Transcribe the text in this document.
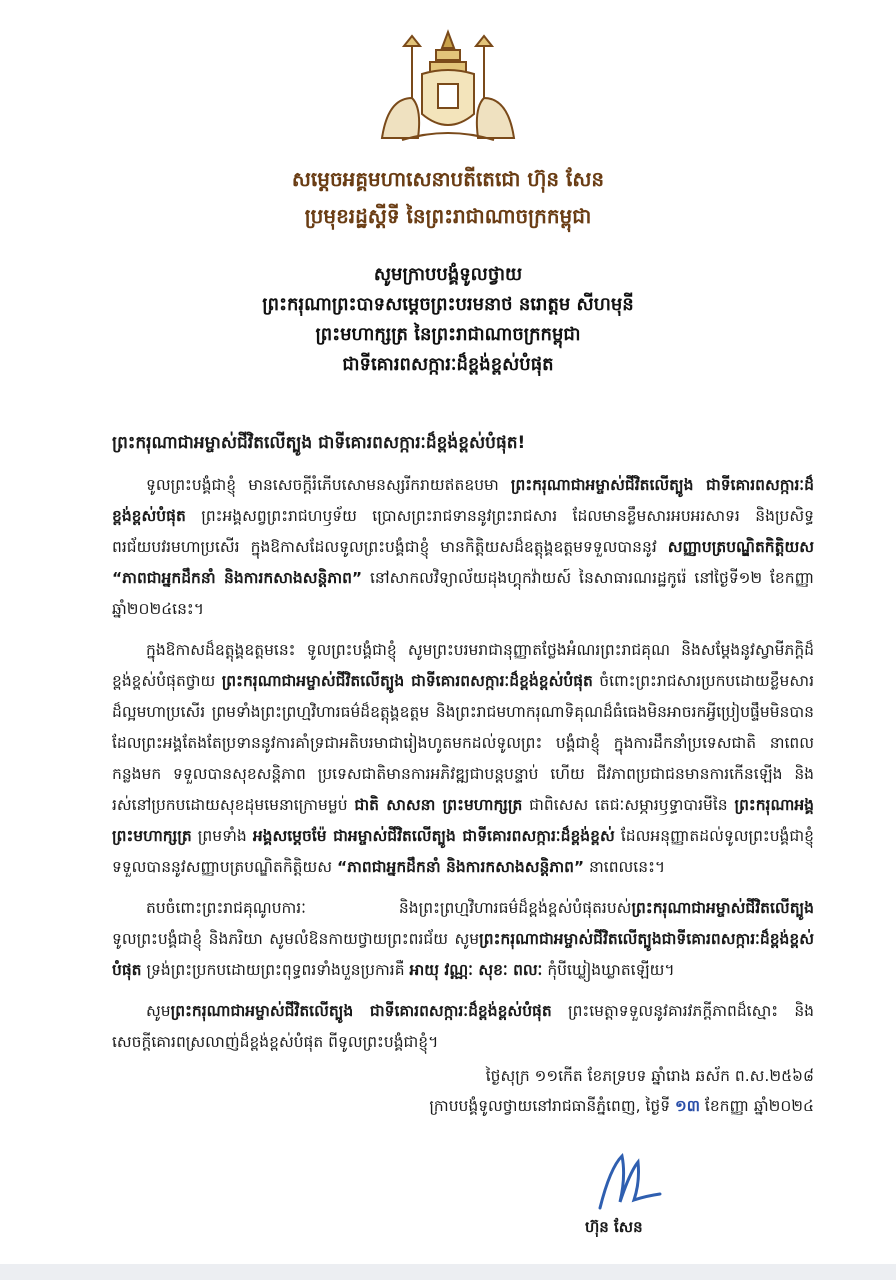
សម្តេចអគ្គមហាសេនាបតីតេជោ ហ៊ុន សែន
ប្រមុខរដ្ឋស្តីទី នៃព្រះរាជាណាចក្រកម្ពុជា
សូមក្រាបបង្គំទូលថ្វាយ
ព្រះករុណាព្រះបាទសម្តេចព្រះបរមនាថ នរោត្តម សីហមុនី
ព្រះមហាក្សត្រ នៃព្រះរាជាណាចក្រកម្ពុជា
ជាទីគោរពសក្ការៈដ៏ខ្ពង់ខ្ពស់បំផុត
ព្រះករុណាជាអម្ចាស់ជីវិតលើត្បូង ជាទីគោរពសក្ការៈដ៏ខ្ពង់ខ្ពស់បំផុត!

ទូលព្រះបង្គំជាខ្ញុំ មានសេចក្តីរំភើបសោមនស្សរីករាយឥតឧបមា ព្រះករុណាជាអម្ចាស់ជីវិតលើត្បូង ជាទីគោរពសក្ការៈដ៏ខ្ពង់ខ្ពស់បំផុត ព្រះអង្គសព្វព្រះរាជហឫទ័យ ប្រោសព្រះរាជទាននូវព្រះរាជសារ ដែលមានខ្លឹមសារអបអរសាទរ និងប្រសិទ្ធពរជ័យបវរមហាប្រសើរ ក្នុងឱកាសដែលទូលព្រះបង្គំជាខ្ញុំ មានកិត្តិយសដ៏ឧត្តុង្គឧត្តមទទួលបាននូវ សញ្ញាបត្របណ្ឌិតកិត្តិយស “ភាពជាអ្នកដឹកនាំ និងការកសាងសន្តិភាព” នៅសាកលវិទ្យាល័យដុងហ្គុកវ៉ាយស៍ នៃសាធារណរដ្ឋកូរ៉េ នៅថ្ងៃទី១២ ខែកញ្ញា ឆ្នាំ២០២៤នេះ។

ក្នុងឱកាសដ៏ឧត្តុង្គឧត្តមនេះ ទូលព្រះបង្គំជាខ្ញុំ សូមព្រះបរមរាជានុញ្ញាតថ្លែងអំណរព្រះរាជគុណ និងសម្តែងនូវស្វាមីភក្តិដ៏ខ្ពង់ខ្ពស់បំផុតថ្វាយ ព្រះករុណាជាអម្ចាស់ជីវិតលើត្បូង ជាទីគោរពសក្ការៈដ៏ខ្ពង់ខ្ពស់បំផុត ចំពោះព្រះរាជសារប្រកបដោយខ្លឹមសារដ៏ល្អមហាប្រសើរ ព្រមទាំងព្រះព្រហ្មវិហារធម៌ដ៏ឧត្តុង្គឧត្តម និងព្រះរាជមហាករុណាទិគុណដ៏ធំធេងមិនអាចរកអ្វីប្រៀបផ្ទឹមមិនបាន ដែលព្រះអង្គតែងតែប្រទាននូវការគាំទ្រជាអតិបរមាជារៀងហូតមកដល់ទូលព្រះ បង្គំជាខ្ញុំ ក្នុងការដឹកនាំប្រទេសជាតិ នាពេលកន្លងមក ទទួលបានសុខសន្តិភាព ប្រទេសជាតិមានការអភិវឌ្ឍជាបន្តបន្ទាប់ ហើយ ជីវភាពប្រជាជនមានការកើនឡើង និងរស់នៅប្រកបដោយសុខដុមមេនាក្រោមម្លប់ ជាតិ សាសនា ព្រះមហាក្សត្រ ជាពិសេស តេជៈសម្ភារឫទ្ធាបារមីនៃ ព្រះករុណាអង្គព្រះមហាក្សត្រ ព្រមទាំង អង្គសម្តេចម៉ែ ជាអម្ចាស់ជីវិតលើត្បូង ជាទីគោរពសក្ការៈដ៏ខ្ពង់ខ្ពស់ ដែលអនុញ្ញាតដល់ទូលព្រះបង្គំជាខ្ញុំ ទទួលបាននូវសញ្ញាបត្របណ្ឌិតកិត្តិយស “ភាពជាអ្នកដឹកនាំ និងការកសាងសន្តិភាព” នាពេលនេះ។

តបចំពោះព្រះរាជគុណូបការៈ និងព្រះព្រហ្មវិហារធម៌ដ៏ខ្ពង់ខ្ពស់បំផុតរបស់ព្រះករុណាជាអម្ចាស់ជីវិតលើត្បូង ទូលព្រះបង្គំជាខ្ញុំ និងភរិយា សូមលំឱនកាយថ្វាយព្រះពរជ័យ សូមព្រះករុណាជាអម្ចាស់ជីវិតលើត្បូងជាទីគោរពសក្ការៈដ៏ខ្ពង់ខ្ពស់បំផុត ទ្រង់ព្រះប្រកបដោយព្រះពុទ្ធពរទាំងបួនប្រការគឺ អាយុ វណ្ណៈ សុខៈ ពលៈ កុំបីឃ្លៀងឃ្លាតឡើយ។

សូមព្រះករុណាជាអម្ចាស់ជីវិតលើត្បូង ជាទីគោរពសក្ការៈដ៏ខ្ពង់ខ្ពស់បំផុត ព្រះមេត្តាទទួលនូវគារវភក្តីភាពដ៏ស្មោះ និងសេចក្តីគោរពស្រលាញ់ដ៏ខ្ពង់ខ្ពស់បំផុត ពីទូលព្រះបង្គំជាខ្ញុំ។

ថ្ងៃសុក្រ ១១កើត ខែភទ្របទ ឆ្នាំរោង ឆស័ក ព.ស.២៥៦៨
ក្រាបបង្គំទូលថ្វាយនៅរាជធានីភ្នំពេញ, ថ្ងៃទី ១៣ ខែកញ្ញា ឆ្នាំ២០២៤
ហ៊ុន សែន
